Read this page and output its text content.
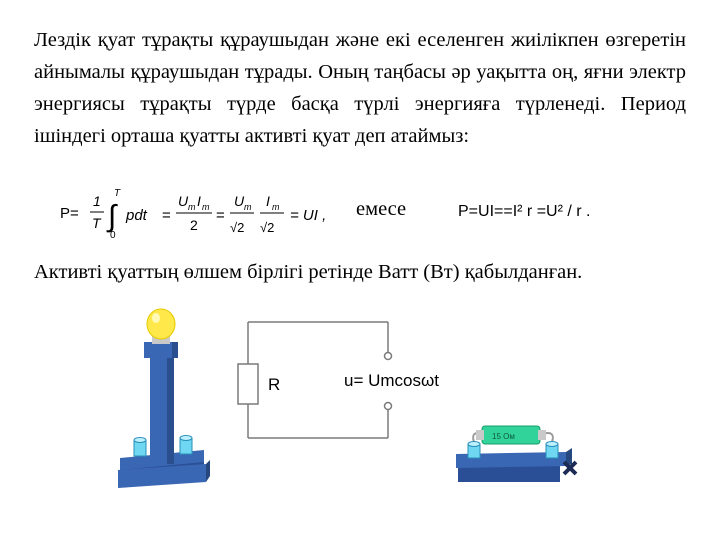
Лездік қуат тұрақты құраушыдан және екі еселенген жиілікпен өзгеретін айнымалы құраушыдан тұрады. Оның таңбасы әр уақытта оң, яғни электр энергиясы тұрақты түрде басқа түрлі энергияға түрленеді. Период ішіндегі орташа қуатты активті қуат деп атаймыз:

P=
1
T ∫
T
0
pdt =
U m I m
2
=
U m
√2
I m
√2
= UI , емесе	P=UI==I² r =U² / r .

Активті қуаттың өлшем бірлігі ретінде Ватт (Вт) қабылданған.

R	u= Umcosωt
15 Ом
